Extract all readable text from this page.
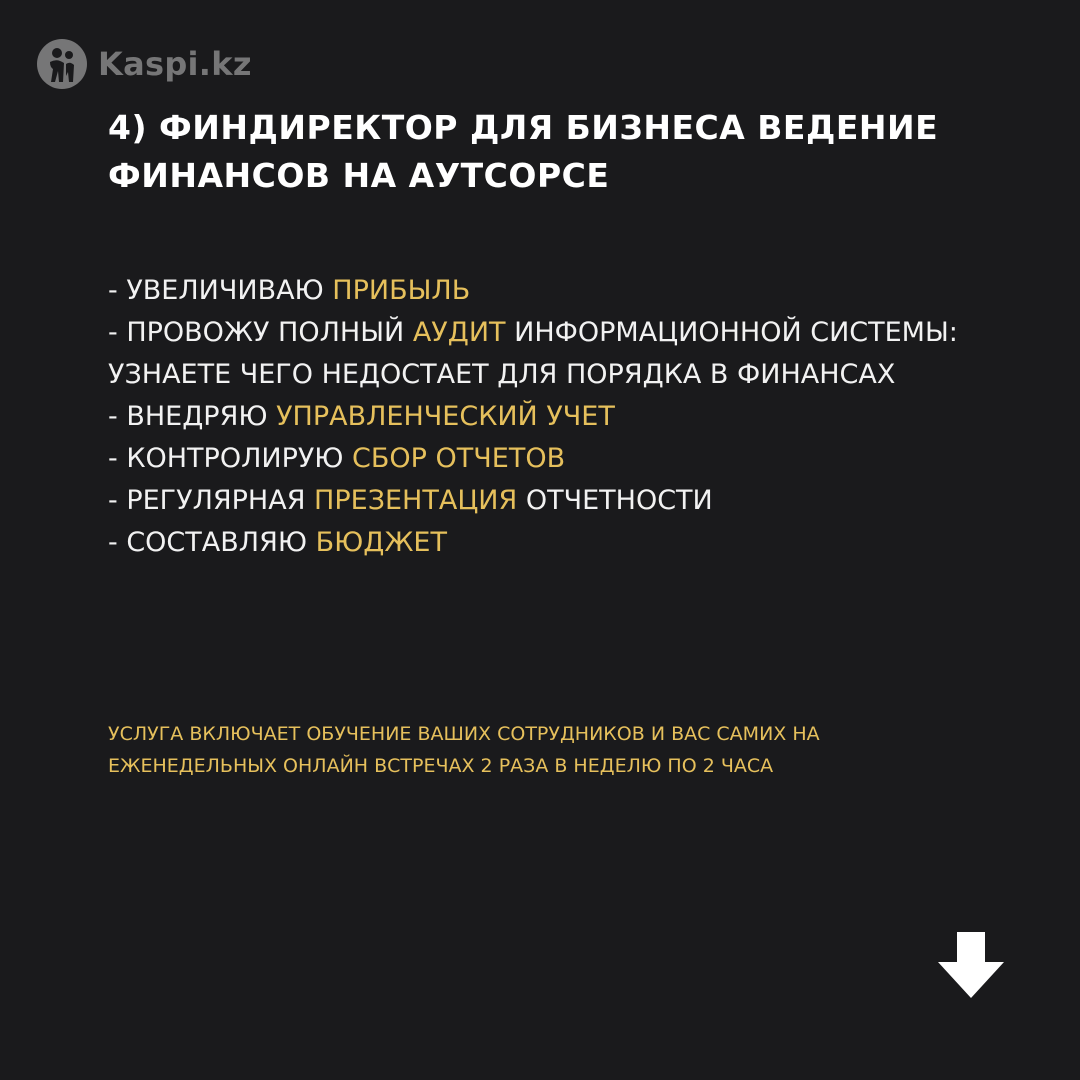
Kaspi.kz
4) ФИНДИРЕКТОР ДЛЯ БИЗНЕСА ВЕДЕНИЕ ФИНАНСОВ НА АУТСОРСЕ
- УВЕЛИЧИВАЮ ПРИБЫЛЬ
- ПРОВОЖУ ПОЛНЫЙ АУДИТ ИНФОРМАЦИОННОЙ СИСТЕМЫ: УЗНАЕТЕ ЧЕГО НЕДОСТАЕТ ДЛЯ ПОРЯДКА В ФИНАНСАХ
- ВНЕДРЯЮ УПРАВЛЕНЧЕСКИЙ УЧЕТ
- КОНТРОЛИРУЮ СБОР ОТЧЕТОВ
- РЕГУЛЯРНАЯ ПРЕЗЕНТАЦИЯ ОТЧЕТНОСТИ
- СОСТАВЛЯЮ БЮДЖЕТ

УСЛУГА ВКЛЮЧАЕТ ОБУЧЕНИЕ ВАШИХ СОТРУДНИКОВ И ВАС САМИХ НА ЕЖЕНЕДЕЛЬНЫХ ОНЛАЙН ВСТРЕЧАХ 2 РАЗА В НЕДЕЛЮ ПО 2 ЧАСА
